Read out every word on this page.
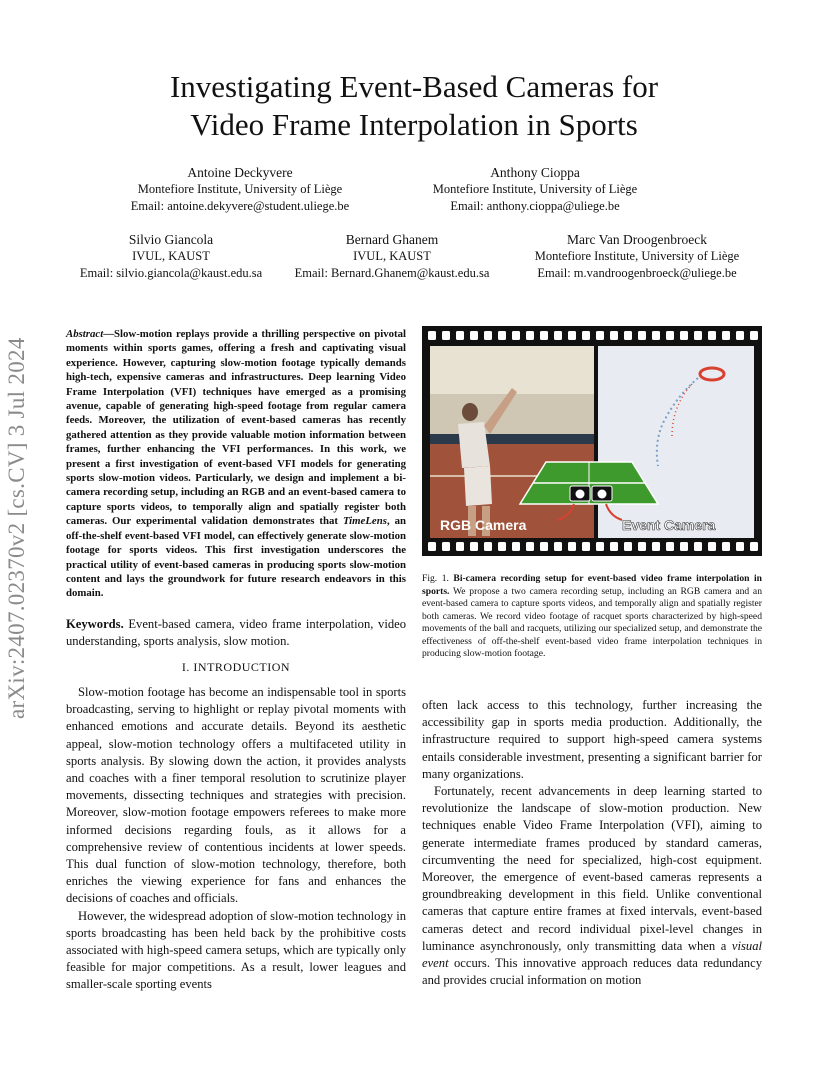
arXiv:2407.02370v2 [cs.CV] 3 Jul 2024
Investigating Event-Based Cameras for
Video Frame Interpolation in Sports
Antoine Deckyvere
Montefiore Institute, University of Liège
Email: antoine.dekyvere@student.uliege.be
Anthony Cioppa
Montefiore Institute, University of Liège
Email: anthony.cioppa@uliege.be
Silvio Giancola
IVUL, KAUST
Email: silvio.giancola@kaust.edu.sa
Bernard Ghanem
IVUL, KAUST
Email: Bernard.Ghanem@kaust.edu.sa
Marc Van Droogenbroeck
Montefiore Institute, University of Liège
Email: m.vandroogenbroeck@uliege.be
Abstract—Slow-motion replays provide a thrilling perspective on pivotal moments within sports games, offering a fresh and captivating visual experience. However, capturing slow-motion footage typically demands high-tech, expensive cameras and infrastructures. Deep learning Video Frame Interpolation (VFI) techniques have emerged as a promising avenue, capable of generating high-speed footage from regular camera feeds. Moreover, the utilization of event-based cameras has recently gathered attention as they provide valuable motion information between frames, further enhancing the VFI performances. In this work, we present a first investigation of event-based VFI models for generating sports slow-motion videos. Particularly, we design and implement a bi-camera recording setup, including an RGB and an event-based camera to capture sports videos, to temporally align and spatially register both cameras. Our experimental validation demonstrates that TimeLens, an off-the-shelf event-based VFI model, can effectively generate slow-motion footage for sports videos. This first investigation underscores the practical utility of event-based cameras in producing sports slow-motion content and lays the groundwork for future research endeavors in this domain.
Keywords. Event-based camera, video frame interpolation, video understanding, sports analysis, slow motion.
I. INTRODUCTION

Slow-motion footage has become an indispensable tool in sports broadcasting, serving to highlight or replay pivotal moments with enhanced emotions and accurate details. Beyond its aesthetic appeal, slow-motion technology offers a multifaceted utility in sports analysis. By slowing down the action, it provides analysts and coaches with a finer temporal resolution to scrutinize player movements, dissecting techniques and strategies with precision. Moreover, slow-motion footage empowers referees to make more informed decisions regarding fouls, as it allows for a comprehensive review of contentious incidents at lower speeds. This dual function of slow-motion technology, therefore, both enriches the viewing experience for fans and enhances the decisions of coaches and officials.

However, the widespread adoption of slow-motion technology in sports broadcasting has been held back by the prohibitive costs associated with high-speed camera setups, which are typically only feasible for major competitions. As a result, lower leagues and smaller-scale sporting events

often lack access to this technology, further increasing the accessibility gap in sports media production. Additionally, the infrastructure required to support high-speed camera systems entails considerable investment, presenting a significant barrier for many organizations.

Fortunately, recent advancements in deep learning started to revolutionize the landscape of slow-motion production. New techniques enable Video Frame Interpolation (VFI), aiming to generate intermediate frames produced by standard cameras, circumventing the need for specialized, high-cost equipment. Moreover, the emergence of event-based cameras represents a groundbreaking development in this field. Unlike conventional cameras that capture entire frames at fixed intervals, event-based cameras detect and record individual pixel-level changes in luminance asynchronously, only transmitting data when a visual event occurs. This innovative approach reduces data redundancy and provides crucial information on motion

RGB Camera	Event Camera
Fig. 1. Bi-camera recording setup for event-based video frame interpolation in sports. We propose a two camera recording setup, including an RGB camera and an event-based camera to capture sports videos, and temporally align and spatially register both cameras. We record video footage of racquet sports characterized by high-speed movements of the ball and racquets, utilizing our specialized setup, and demonstrate the effectiveness of off-the-shelf event-based video frame interpolation techniques in producing slow-motion footage.
